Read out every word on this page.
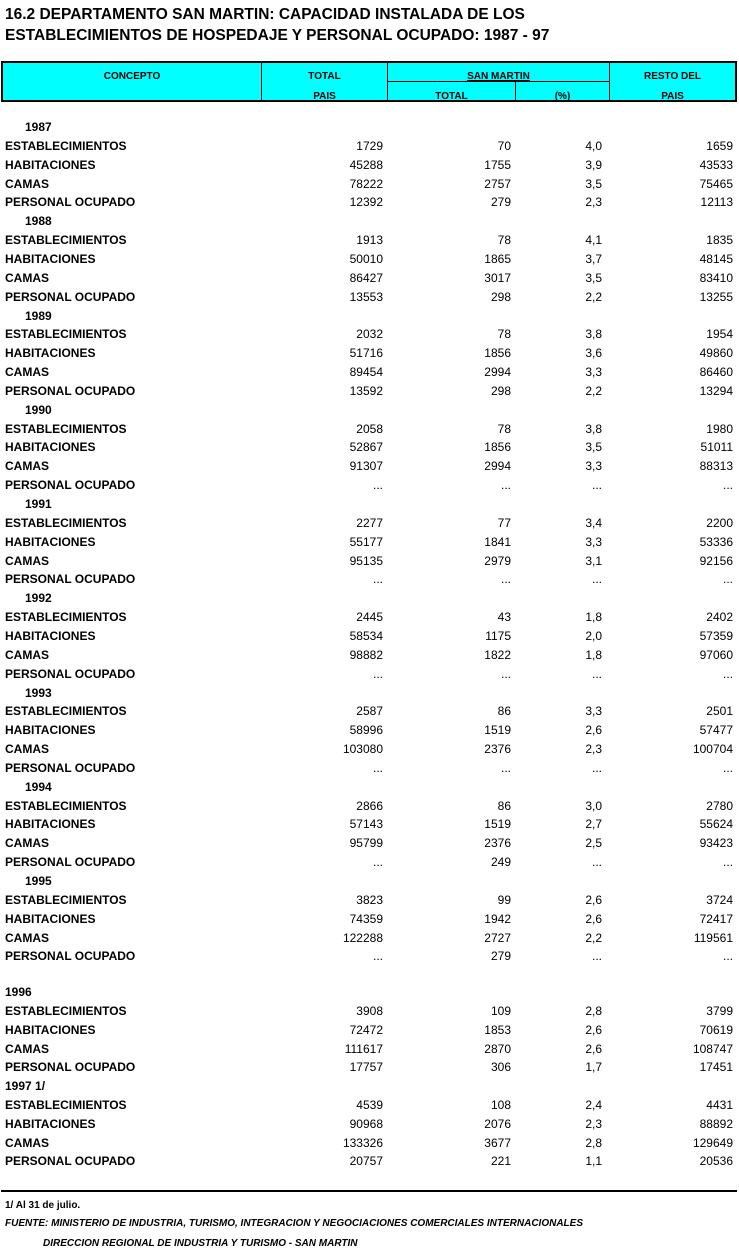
16.2 DEPARTAMENTO SAN MARTIN: CAPACIDAD INSTALADA DE LOS
ESTABLECIMIENTOS DE HOSPEDAJE Y PERSONAL OCUPADO: 1987 - 97
CONCEPTO	TOTAL
PAIS
SAN MARTIN
TOTAL	(%)
RESTO DEL
PAIS
1987
ESTABLECIMIENTOS	1729	70	4,0	1659
HABITACIONES	45288	1755	3,9	43533
CAMAS	78222	2757	3,5	75465
PERSONAL OCUPADO	12392	279	2,3	12113
1988
ESTABLECIMIENTOS	1913	78	4,1	1835
HABITACIONES	50010	1865	3,7	48145
CAMAS	86427	3017	3,5	83410
PERSONAL OCUPADO	13553	298	2,2	13255
1989
ESTABLECIMIENTOS	2032	78	3,8	1954
HABITACIONES	51716	1856	3,6	49860
CAMAS	89454	2994	3,3	86460
PERSONAL OCUPADO	13592	298	2,2	13294
1990
ESTABLECIMIENTOS	2058	78	3,8	1980
HABITACIONES	52867	1856	3,5	51011
CAMAS	91307	2994	3,3	88313
PERSONAL OCUPADO	...	...	...	...
1991
ESTABLECIMIENTOS	2277	77	3,4	2200
HABITACIONES	55177	1841	3,3	53336
CAMAS	95135	2979	3,1	92156
PERSONAL OCUPADO	...	...	...	...
1992
ESTABLECIMIENTOS	2445	43	1,8	2402
HABITACIONES	58534	1175	2,0	57359
CAMAS	98882	1822	1,8	97060
PERSONAL OCUPADO	...	...	...	...
1993
ESTABLECIMIENTOS	2587	86	3,3	2501
HABITACIONES	58996	1519	2,6	57477
CAMAS	103080	2376	2,3	100704
PERSONAL OCUPADO	...	...	...	...
1994
ESTABLECIMIENTOS	2866	86	3,0	2780
HABITACIONES	57143	1519	2,7	55624
CAMAS	95799	2376	2,5	93423
PERSONAL OCUPADO	...	249	...	...
1995
ESTABLECIMIENTOS	3823	99	2,6	3724
HABITACIONES	74359	1942	2,6	72417
CAMAS	122288	2727	2,2	119561
PERSONAL OCUPADO	...	279	...	...
1996
ESTABLECIMIENTOS	3908	109	2,8	3799
HABITACIONES	72472	1853	2,6	70619
CAMAS	111617	2870	2,6	108747
PERSONAL OCUPADO	17757	306	1,7	17451
1997 1/
ESTABLECIMIENTOS	4539	108	2,4	4431
HABITACIONES	90968	2076	2,3	88892
CAMAS	133326	3677	2,8	129649
PERSONAL OCUPADO	20757	221	1,1	20536
1/ Al 31 de julio.
FUENTE: MINISTERIO DE INDUSTRIA, TURISMO, INTEGRACION Y NEGOCIACIONES COMERCIALES INTERNACIONALES
DIRECCION REGIONAL DE INDUSTRIA Y TURISMO - SAN MARTIN
